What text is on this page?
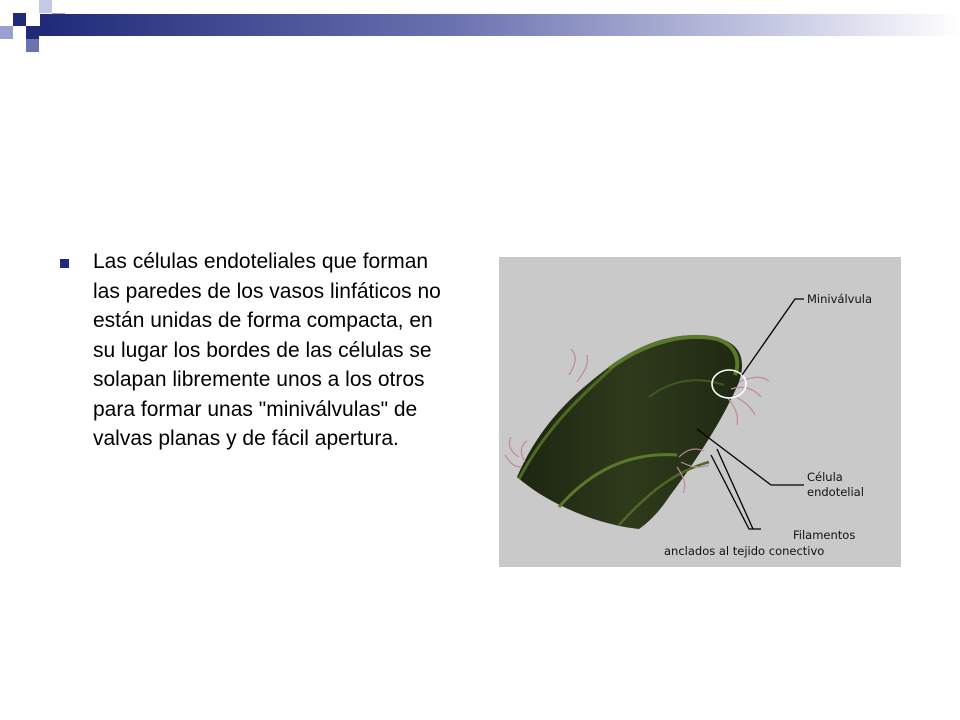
Las células endoteliales que forman las paredes de los vasos linfáticos no están unidas de forma compacta, en su lugar los bordes de las células se solapan libremente unos a los otros para formar unas "miniválvulas" de valvas planas y de fácil apertura.
Miniválvula
Célula
endotelial
Filamentos
anclados al tejido conectivo
